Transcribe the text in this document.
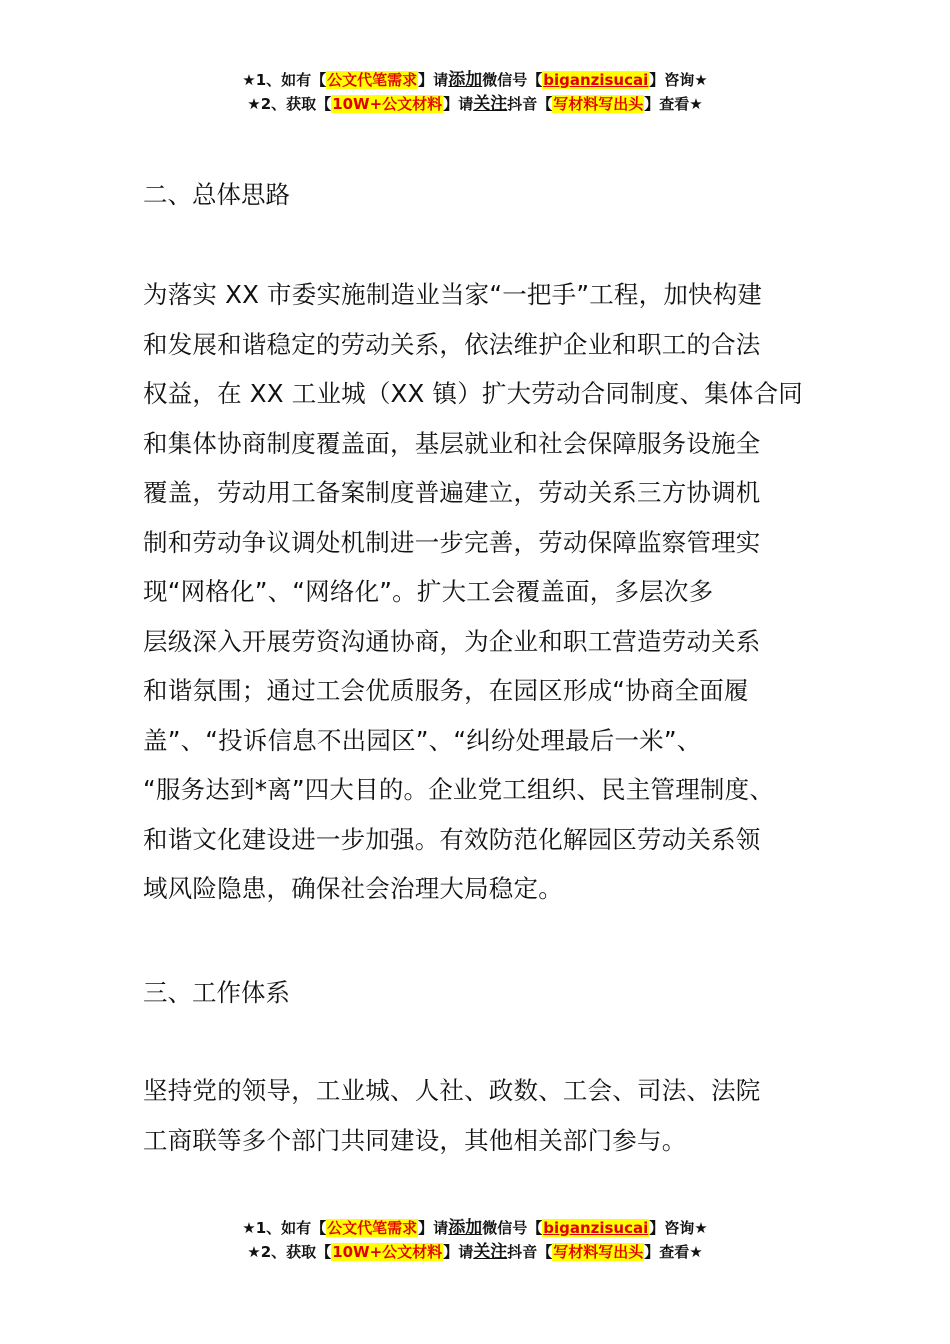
★1、如有【公文代笔需求】请添加微信号【biganzisucai】咨询★
★2、获取【10W+公文材料】请关注抖音【写材料写出头】查看★
二、总体思路
为落实 XX 市委实施制造业当家“一把手”工程，加快构建
和发展和谐稳定的劳动关系，依法维护企业和职工的合法
权益，在 XX 工业城（XX 镇）扩大劳动合同制度、集体合同
和集体协商制度覆盖面，基层就业和社会保障服务设施全
覆盖，劳动用工备案制度普遍建立，劳动关系三方协调机
制和劳动争议调处机制进一步完善，劳动保障监察管理实
现“网格化”、“网络化”。扩大工会覆盖面，多层次多
层级深入开展劳资沟通协商，为企业和职工营造劳动关系
和谐氛围；通过工会优质服务，在园区形成“协商全面履
盖”、“投诉信息不出园区”、“纠纷处理最后一米”、
“服务达到*离”四大目的。企业党工组织、民主管理制度、
和谐文化建设进一步加强。有效防范化解园区劳动关系领
域风险隐患，确保社会治理大局稳定。
三、工作体系
坚持党的领导，工业城、人社、政数、工会、司法、法院
工商联等多个部门共同建设，其他相关部门参与。
★1、如有【公文代笔需求】请添加微信号【biganzisucai】咨询★
★2、获取【10W+公文材料】请关注抖音【写材料写出头】查看★
